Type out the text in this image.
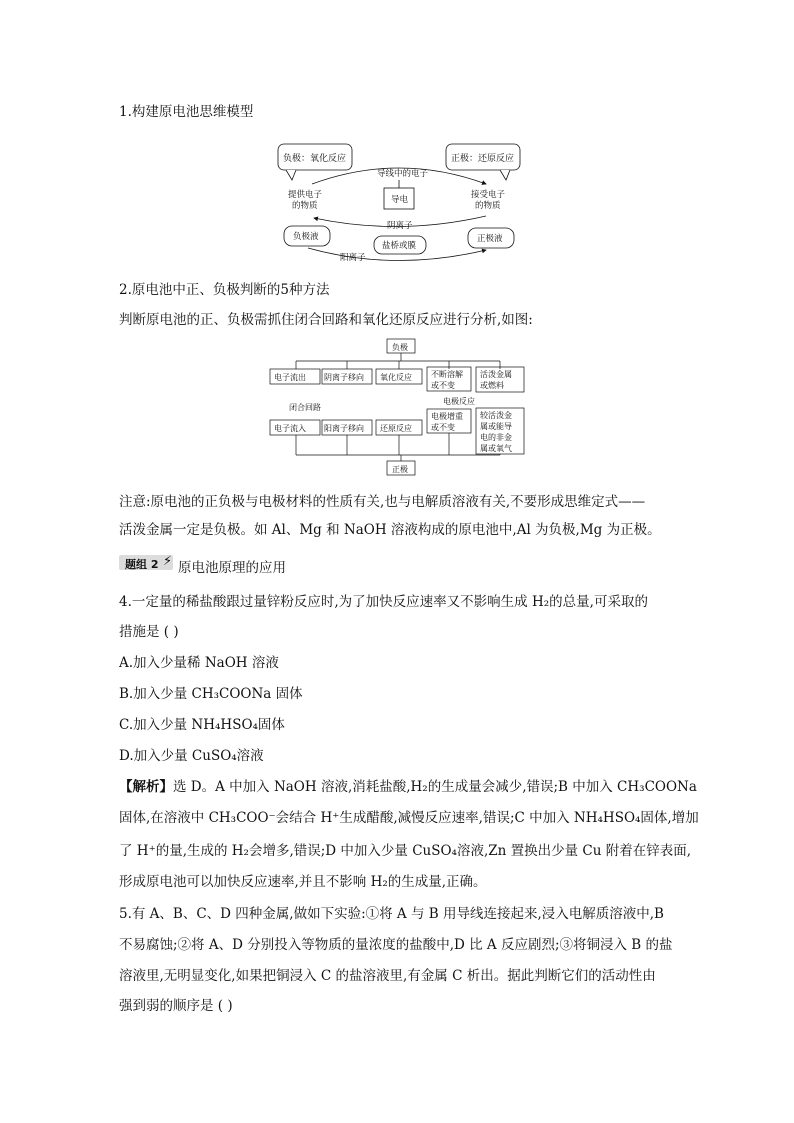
1.构建原电池思维模型
负极：氧化反应	正极：还原反应
导线中的电子
提供电子
的物质
接受电子
的物质
导电
阴离子
负极液	正极液
盐桥或膜
阳离子
2.原电池中正、负极判断的5种方法
判断原电池的正、负极需抓住闭合回路和氧化还原反应进行分析,如图:
负极
电子流出 阴离子移向 氧化反应 不断溶解
或不变
活泼金属
或燃料
闭合回路
电极反应
电子流入 阳离子移向 还原反应
电极增重
或不变
较活泼金
属或能导
电的非金
属或氧气
正极
注意:原电池的正负极与电极材料的性质有关,也与电解质溶液有关,不要形成思维定式——
活泼金属一定是负极。如 Al、Mg 和 NaOH 溶液构成的原电池中,Al 为负极,Mg 为正极。
题组 2 ⚡ 原电池原理的应用
4.一定量的稀盐酸跟过量锌粉反应时,为了加快反应速率又不影响生成 H₂的总量,可采取的
措施是 ( )
A.加入少量稀 NaOH 溶液
B.加入少量 CH₃COONa 固体
C.加入少量 NH₄HSO₄固体
D.加入少量 CuSO₄溶液
【解析】选 D。A 中加入 NaOH 溶液,消耗盐酸,H₂的生成量会减少,错误;B 中加入 CH₃COONa
固体,在溶液中 CH₃COO⁻会结合 H⁺生成醋酸,减慢反应速率,错误;C 中加入 NH₄HSO₄固体,增加
了 H⁺的量,生成的 H₂会增多,错误;D 中加入少量 CuSO₄溶液,Zn 置换出少量 Cu 附着在锌表面,
形成原电池可以加快反应速率,并且不影响 H₂的生成量,正确。
5.有 A、B、C、D 四种金属,做如下实验:①将 A 与 B 用导线连接起来,浸入电解质溶液中,B
不易腐蚀;②将 A、D 分别投入等物质的量浓度的盐酸中,D 比 A 反应剧烈;③将铜浸入 B 的盐
溶液里,无明显变化,如果把铜浸入 C 的盐溶液里,有金属 C 析出。据此判断它们的活动性由
强到弱的顺序是 ( )
